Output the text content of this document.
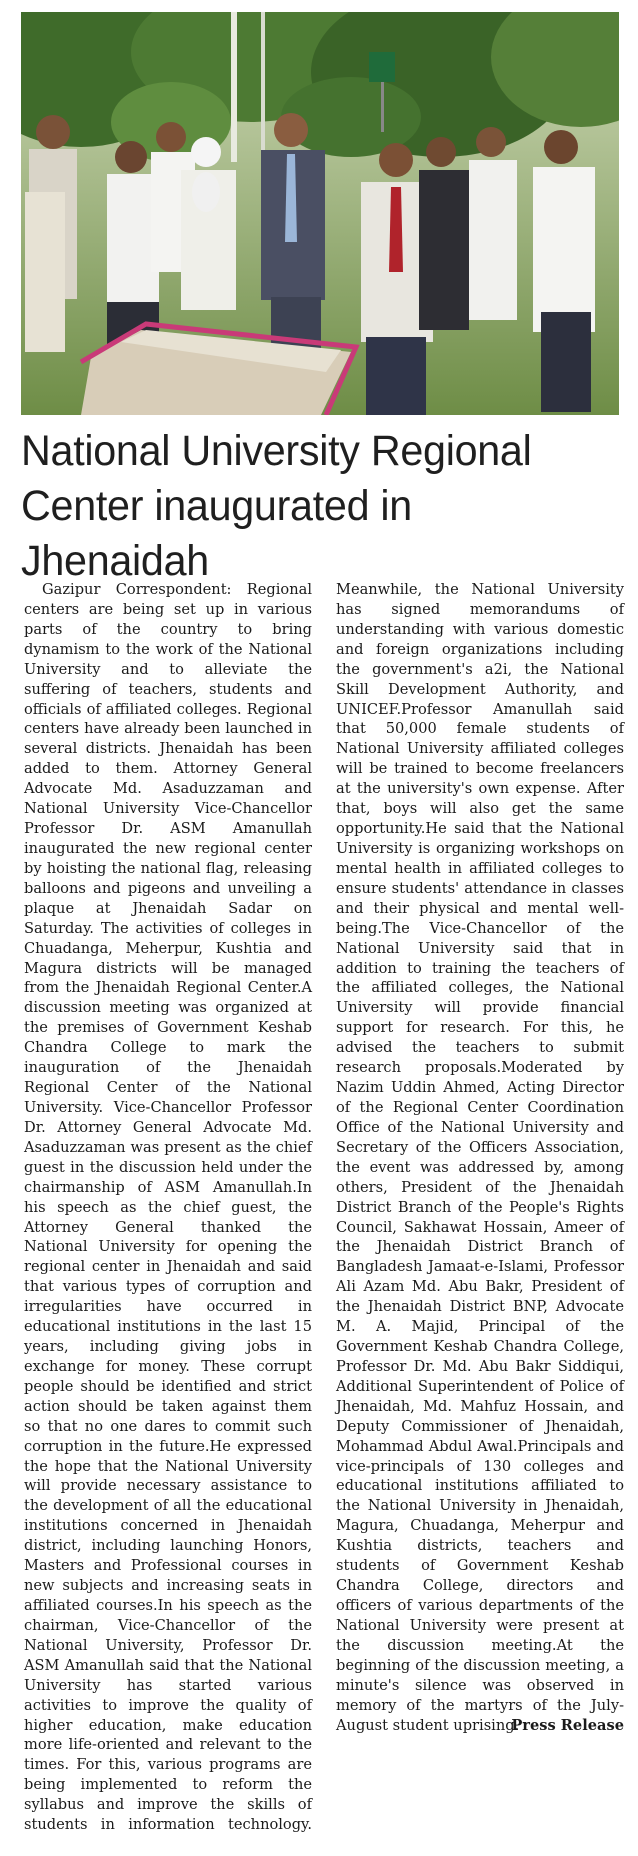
National University Regional Center inaugurated in Jhenaidah

Gazipur Correspondent: Regional centers are being set up in various parts of the country to bring dynamism to the work of the National University and to alleviate the suffering of teachers, students and officials of affiliated colleges. Regional centers have already been launched in several districts. Jhenaidah has been added to them. Attorney General Advocate Md. Asaduzzaman and National University Vice-Chancellor Professor Dr. ASM Amanullah inaugurated the new regional center by hoisting the national flag, releasing balloons and pigeons and unveiling a plaque at Jhenaidah Sadar on Saturday. The activities of colleges in Chuadanga, Meherpur, Kushtia and Magura districts will be managed from the Jhenaidah Regional Center.A discussion meeting was organized at the premises of Government Keshab Chandra College to mark the inauguration of the Jhenaidah Regional Center of the National University. Vice-Chancellor Professor Dr. Attorney General Advocate Md. Asaduzzaman was present as the chief guest in the discussion held under the chairmanship of ASM Amanullah.In his speech as the chief guest, the Attorney General thanked the National University for opening the regional center in Jhenaidah and said that various types of corruption and irregularities have occurred in educational institutions in the last 15 years, including giving jobs in exchange for money. These corrupt people should be identified and strict action should be taken against them so that no one dares to commit such corruption in the future.He expressed the hope that the National University will provide necessary assistance to the development of all the educational institutions concerned in Jhenaidah district, including launching Honors, Masters and Professional courses in new subjects and increasing seats in affiliated courses.In his speech as the chairman, Vice-Chancellor of the National University, Professor Dr. ASM Amanullah said that the National University has started various activities to improve the quality of higher education, make education more life-oriented and relevant to the times. For this, various programs are being implemented to reform the syllabus and improve the skills of students in information technology. Meanwhile, the National University has signed memorandums of understanding with various domestic and foreign organizations including the government's a2i, the National Skill Development Authority, and UNICEF.Professor Amanullah said that 50,000 female students of National University affiliated colleges will be trained to become freelancers at the university's own expense. After that, boys will also get the same opportunity.He said that the National University is organizing workshops on mental health in affiliated colleges to ensure students' attendance in classes and their physical and mental well-being.The Vice-Chancellor of the National University said that in addition to training the teachers of the affiliated colleges, the National University will provide financial support for research. For this, he advised the teachers to submit research proposals.Moderated by Nazim Uddin Ahmed, Acting Director of the Regional Center Coordination Office of the National University and Secretary of the Officers Association, the event was addressed by, among others, President of the Jhenaidah District Branch of the People's Rights Council, Sakhawat Hossain, Ameer of the Jhenaidah District Branch of Bangladesh Jamaat-e-Islami, Professor Ali Azam Md. Abu Bakr, President of the Jhenaidah District BNP, Advocate M. A. Majid, Principal of the Government Keshab Chandra College, Professor Dr. Md. Abu Bakr Siddiqui, Additional Superintendent of Police of Jhenaidah, Md. Mahfuz Hossain, and Deputy Commissioner of Jhenaidah, Mohammad Abdul Awal.Principals and vice-principals of 130 colleges and educational institutions affiliated to the National University in Jhenaidah, Magura, Chuadanga, Meherpur and Kushtia districts, teachers and students of Government Keshab Chandra College, directors and officers of various departments of the National University were present at the discussion meeting.At the beginning of the discussion meeting, a minute's silence was observed in memory of the martyrs of the July-August student uprising.

Press Release
